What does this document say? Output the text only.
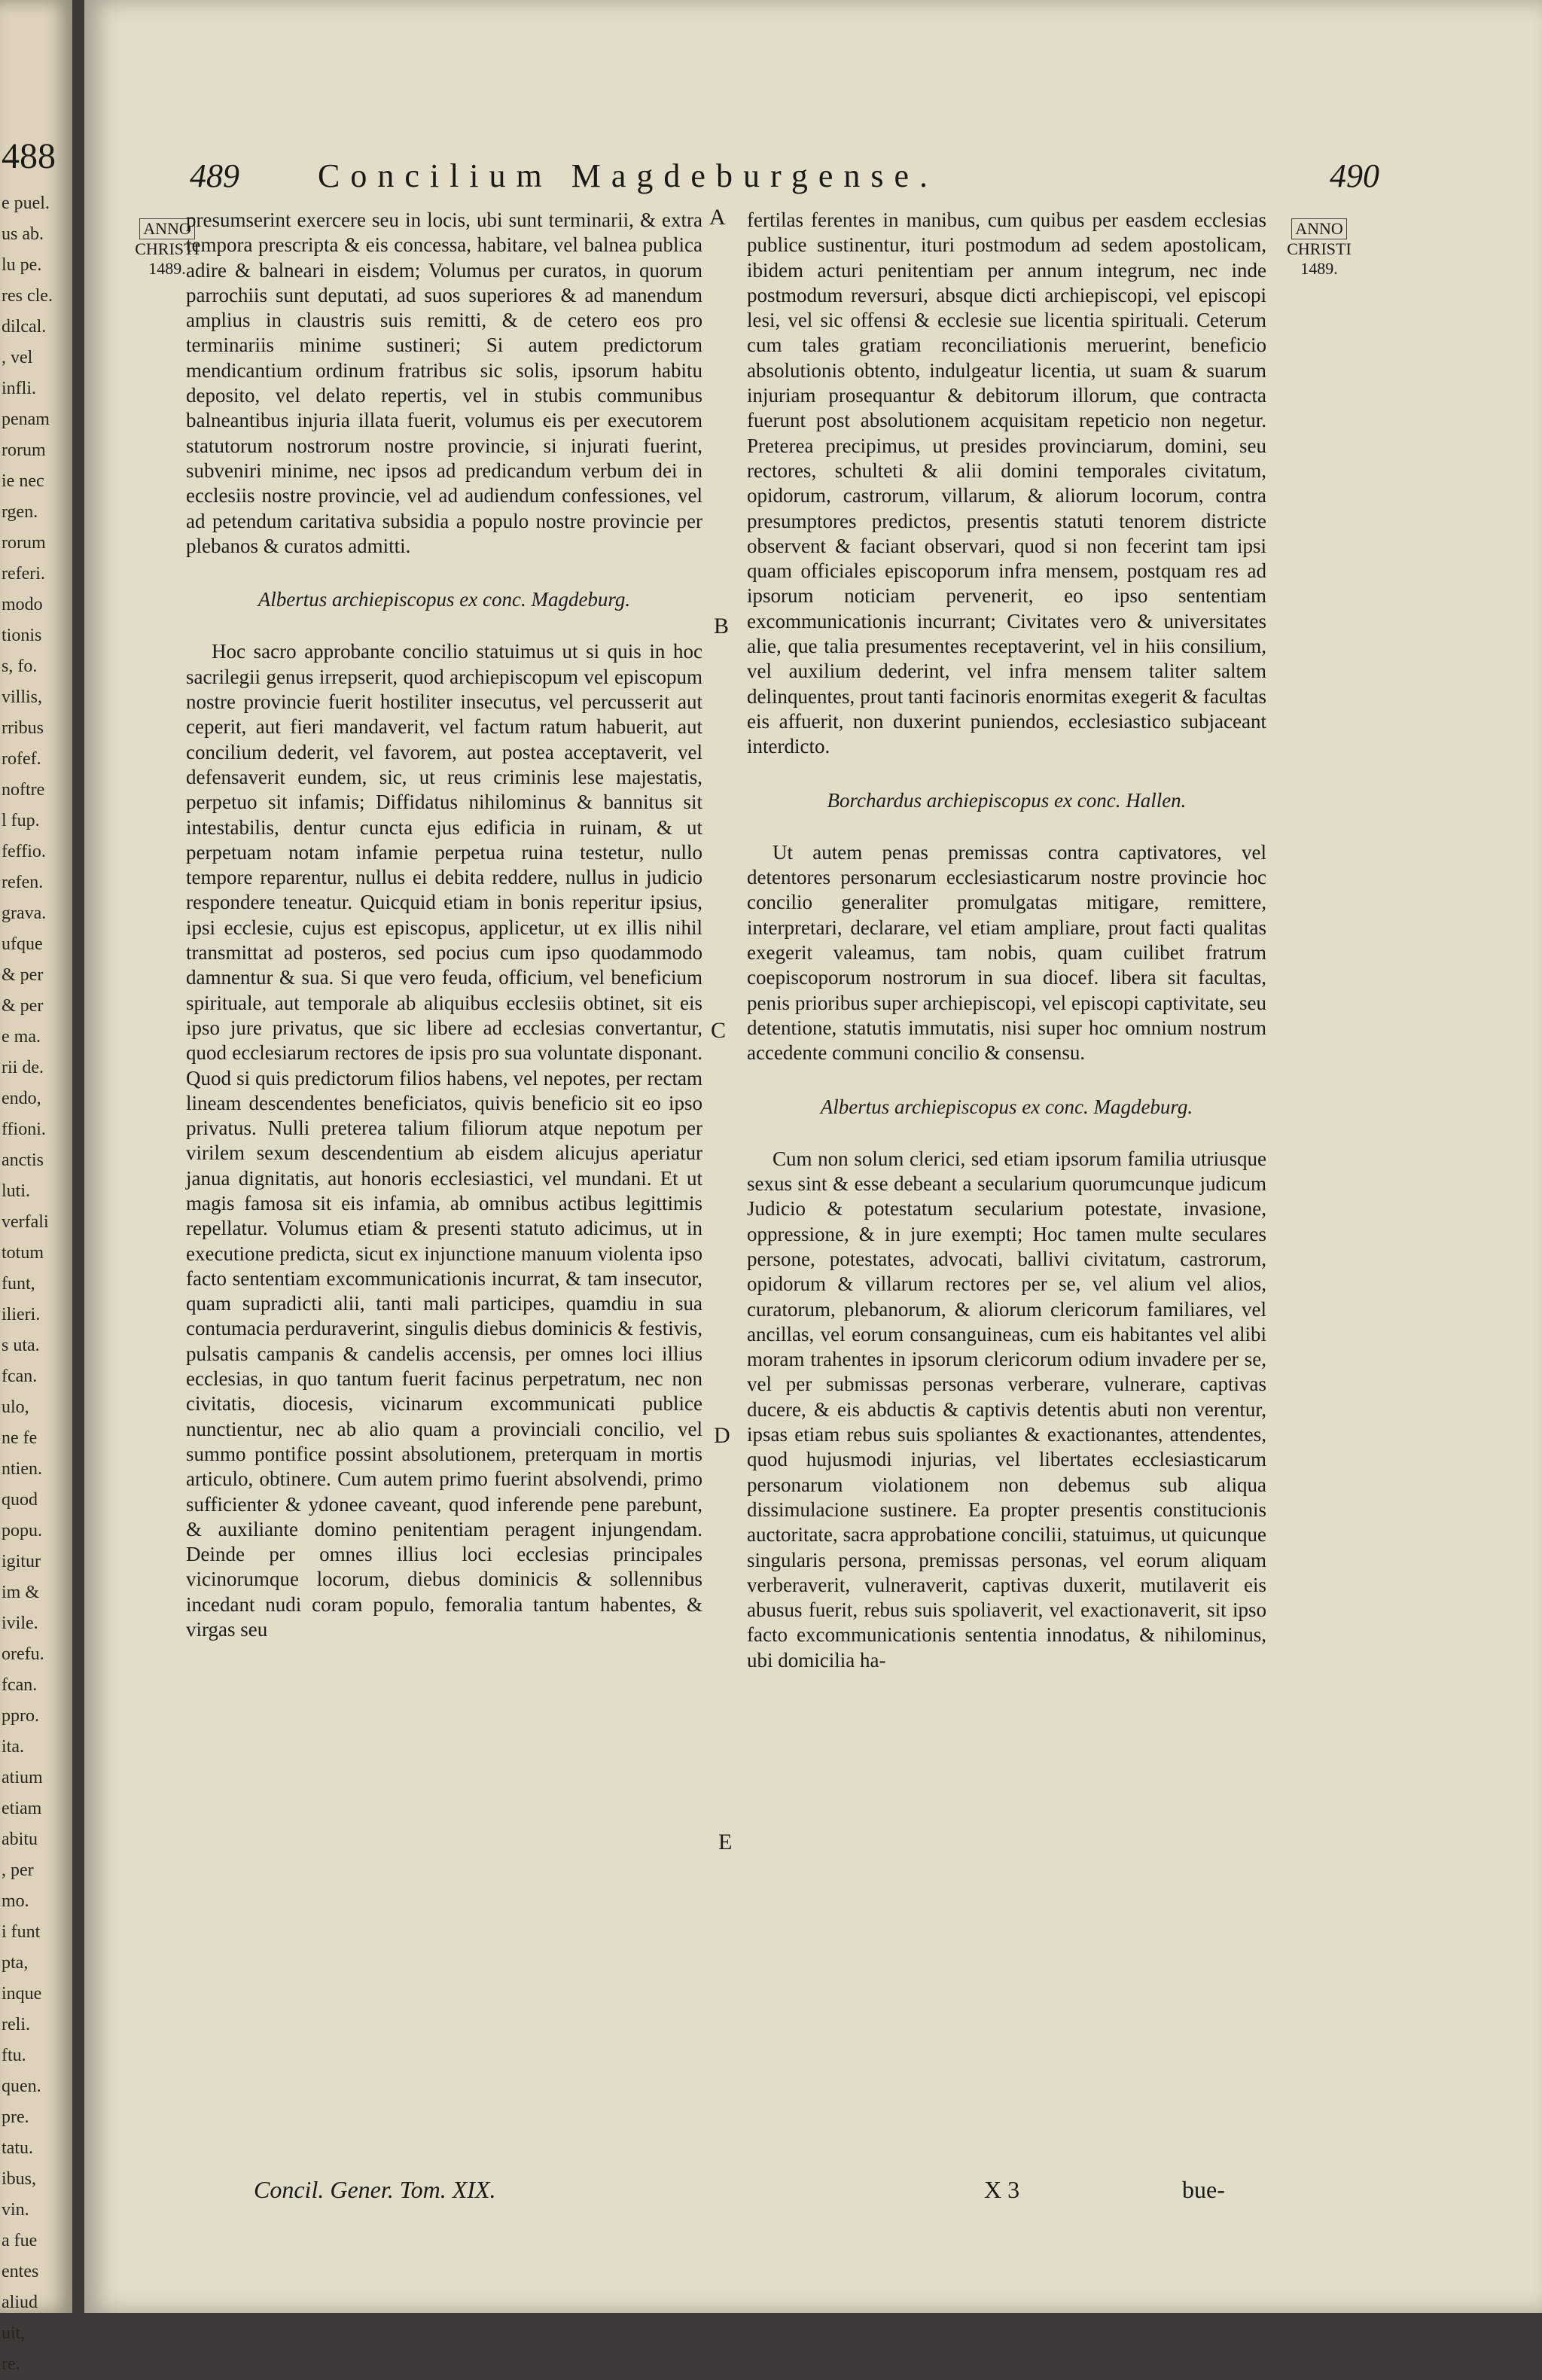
488
e puel.
us ab.
lu pe.
res cle.
dilcal.
, vel
infli.
penam
rorum
ie nec
rgen.
rorum
referi.
modo
tionis
s, fo.
villis,
rribus
rofef.
noftre
l fup.
feffio.
refen.
grava.
ufque
& per
& per
e ma.
rii de.
endo,
ffioni.
anctis
luti.
verfali
totum
funt,
ilieri.
s uta.
fcan.
ulo,
ne fe
ntien.
quod
popu.
igitur
im &
ivile.
orefu.
fcan.
ppro.
ita.
atium
etiam
abitu
, per
mo.
i funt
pta,
inque
reli.
ftu.
quen.
pre.
tatu.
ibus,
vin.
a fue
entes
aliud
uit,
re.
489 Concilium Magdeburgense.	490
ANNO
CHRISTI
1489.
ANNO
CHRISTI
1489.
A
B
C
D
E

presumserint exercere seu in locis, ubi sunt terminarii, & extra tempora prescripta & eis concessa, habitare, vel balnea publica adire & balneari in eisdem; Volumus per curatos, in quorum parrochiis sunt deputati, ad suos superiores & ad manendum amplius in claustris suis remitti, & de cetero eos pro terminariis minime sustineri; Si autem predictorum mendicantium ordinum fratribus sic solis, ipsorum habitu deposito, vel delato repertis, vel in stubis communibus balneantibus injuria illata fuerit, volumus eis per executorem statutorum nostrorum nostre provincie, si injurati fuerint, subveniri minime, nec ipsos ad predicandum verbum dei in ecclesiis nostre provincie, vel ad audiendum confessiones, vel ad petendum caritativa subsidia a populo nostre provincie per plebanos & curatos admitti.

Albertus archiepiscopus ex conc. Magdeburg.

Hoc sacro approbante concilio statuimus ut si quis in hoc sacrilegii genus irrepserit, quod archiepiscopum vel episcopum nostre provincie fuerit hostiliter insecutus, vel percusserit aut ceperit, aut fieri mandaverit, vel factum ratum habuerit, aut concilium dederit, vel favorem, aut postea acceptaverit, vel defensaverit eundem, sic, ut reus criminis lese majestatis, perpetuo sit infamis; Diffidatus nihilominus & bannitus sit intestabilis, dentur cuncta ejus edificia in ruinam, & ut perpetuam notam infamie perpetua ruina testetur, nullo tempore reparentur, nullus ei debita reddere, nullus in judicio respondere teneatur. Quicquid etiam in bonis reperitur ipsius, ipsi ecclesie, cujus est episcopus, applicetur, ut ex illis nihil transmittat ad posteros, sed pocius cum ipso quodammodo damnentur & sua. Si que vero feuda, officium, vel beneficium spirituale, aut temporale ab aliquibus ecclesiis obtinet, sit eis ipso jure privatus, que sic libere ad ecclesias convertantur, quod ecclesiarum rectores de ipsis pro sua voluntate disponant. Quod si quis predictorum filios habens, vel nepotes, per rectam lineam descendentes beneficiatos, quivis beneficio sit eo ipso privatus. Nulli preterea talium filiorum atque nepotum per virilem sexum descendentium ab eisdem alicujus aperiatur janua dignitatis, aut honoris ecclesiastici, vel mundani. Et ut magis famosa sit eis infamia, ab omnibus actibus legittimis repellatur. Volumus etiam & presenti statuto adicimus, ut in executione predicta, sicut ex injunctione manuum violenta ipso facto sententiam excommunicationis incurrat, & tam insecutor, quam supradicti alii, tanti mali participes, quamdiu in sua contumacia perduraverint, singulis diebus dominicis & festivis, pulsatis campanis & candelis accensis, per omnes loci illius ecclesias, in quo tantum fuerit facinus perpetratum, nec non civitatis, diocesis, vicinarum excommunicati publice nunctientur, nec ab alio quam a provinciali concilio, vel summo pontifice possint absolutionem, preterquam in mortis articulo, obtinere. Cum autem primo fuerint absolvendi, primo sufficienter & ydonee caveant, quod inferende pene parebunt, & auxiliante domino penitentiam peragent injungendam. Deinde per omnes illius loci ecclesias principales vicinorumque locorum, diebus dominicis & sollennibus incedant nudi coram populo, femoralia tantum habentes, & virgas seu

fertilas ferentes in manibus, cum quibus per easdem ecclesias publice sustinentur, ituri postmodum ad sedem apostolicam, ibidem acturi penitentiam per annum integrum, nec inde postmodum reversuri, absque dicti archiepiscopi, vel episcopi lesi, vel sic offensi & ecclesie sue licentia spirituali. Ceterum cum tales gratiam reconciliationis meruerint, beneficio absolutionis obtento, indulgeatur licentia, ut suam & suarum injuriam prosequantur & debitorum illorum, que contracta fuerunt post absolutionem acquisitam repeticio non negetur. Preterea precipimus, ut presides provinciarum, domini, seu rectores, schulteti & alii domini temporales civitatum, opidorum, castrorum, villarum, & aliorum locorum, contra presumptores predictos, presentis statuti tenorem districte observent & faciant observari, quod si non fecerint tam ipsi quam officiales episcoporum infra mensem, postquam res ad ipsorum noticiam pervenerit, eo ipso sententiam excommunicationis incurrant; Civitates vero & universitates alie, que talia presumentes receptaverint, vel in hiis consilium, vel auxilium dederint, vel infra mensem taliter saltem delinquentes, prout tanti facinoris enormitas exegerit & facultas eis affuerit, non duxerint puniendos, ecclesiastico subjaceant interdicto.

Borchardus archiepiscopus ex conc. Hallen.

Ut autem penas premissas contra captivatores, vel detentores personarum ecclesiasticarum nostre provincie hoc concilio generaliter promulgatas mitigare, remittere, interpretari, declarare, vel etiam ampliare, prout facti qualitas exegerit valeamus, tam nobis, quam cuilibet fratrum coepiscoporum nostrorum in sua diocef. libera sit facultas, penis prioribus super archiepiscopi, vel episcopi captivitate, seu detentione, statutis immutatis, nisi super hoc omnium nostrum accedente communi concilio & consensu.

Albertus archiepiscopus ex conc. Magdeburg.

Cum non solum clerici, sed etiam ipsorum familia utriusque sexus sint & esse debeant a secularium quorumcunque judicum Judicio & potestatum secularium potestate, invasione, oppressione, & in jure exempti; Hoc tamen multe seculares persone, potestates, advocati, ballivi civitatum, castrorum, opidorum & villarum rectores per se, vel alium vel alios, curatorum, plebanorum, & aliorum clericorum familiares, vel ancillas, vel eorum consanguineas, cum eis habitantes vel alibi moram trahentes in ipsorum clericorum odium invadere per se, vel per submissas personas verberare, vulnerare, captivas ducere, & eis abductis & captivis detentis abuti non verentur, ipsas etiam rebus suis spoliantes & exactionantes, attendentes, quod hujusmodi injurias, vel libertates ecclesiasticarum personarum violationem non debemus sub aliqua dissimulacione sustinere. Ea propter presentis constitucionis auctoritate, sacra approbatione concilii, statuimus, ut quicunque singularis persona, premissas personas, vel eorum aliquam verberaverit, vulneraverit, captivas duxerit, mutilaverit eis abusus fuerit, rebus suis spoliaverit, vel exactionaverit, sit ipso facto excommunicationis sententia innodatus, & nihilominus, ubi domicilia ha-

Concil. Gener. Tom. XIX.	X 3	bue-
